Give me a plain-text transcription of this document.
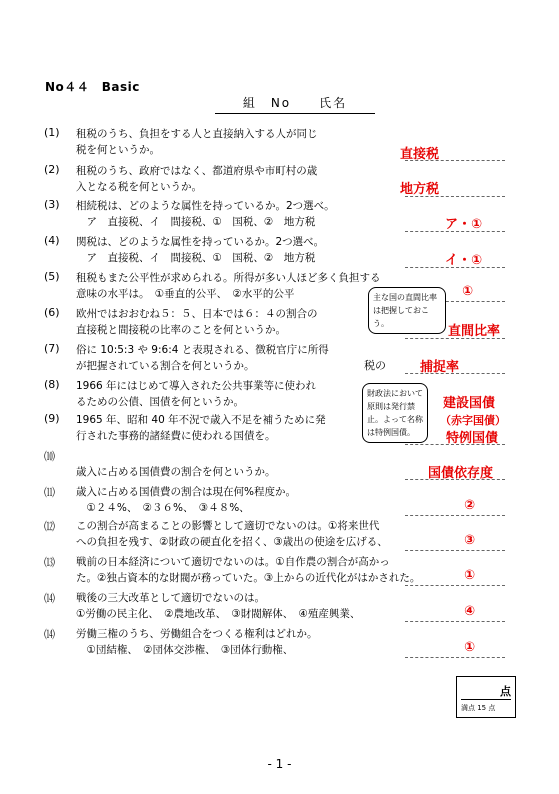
No４４　Basic
組　No　　氏名
(1) 租税のうち、負担をする人と直接納入する人が同じ
税を何というか。	直接税
(2) 租税のうち、政府ではなく、都道府県や市町村の歳
入となる税を何というか。	地方税
(3) 相続税は、どのような属性を持っているか。2つ選べ。
　ア　直接税、イ　間接税、①　国税、②　地方税	ア・①
(4) 関税は、どのような属性を持っているか。2つ選べ。
　ア　直接税、イ　間接税、①　国税、②　地方税	イ・①
(5) 租税もまた公平性が求められる。所得が多い人ほど多く負担する
意味の水平は。　①垂直的公平、　②水平的公平	①
主な国の直間比率は把握しておこう。
(6) 欧州ではおおむね５：５、日本では６：４の割合の
直接税と間接税の比率のことを何というか。	直間比率
(7) 俗に 10:5:3 や 9:6:4 と表現される、徴税官庁に所得
が把握されている割合を何というか。	税の	捕捉率
(8) 1966 年にはじめて導入された公共事業等に使われ
るための公債、国債を何というか。	建設国債
財政法において原則は発行禁止。よって名称は特例国債。
(9) 1965 年、昭和 40 年不況で歳入不足を補うために発
行された事務的諸経費に使われる国債を。
（赤字国債）
特例国債
⑽
歳入に占める国債費の割合を何というか。	国債依存度
⑾ 歳入に占める国債費の割合は現在何%程度か。
　①２４%、　②３６%、　③４８%、	②
⑿ この割合が高まることの影響として適切でないのは。①将来世代
への負担を残す、②財政の硬直化を招く、③歳出の使途を広げる、	③
⒀ 戦前の日本経済について適切でないのは。①自作農の割合が高かっ
た。②独占資本的な財閥が務っていた。③上からの近代化がはかされた。	①
⒁ 戦後の三大改革として適切でないのは。
①労働の民主化、　②農地改革、　③財閥解体、　④殖産興業、	④
⒁ 労働三権のうち、労働組合をつくる権利はどれか。
　①団結権、　②団体交渉権、　③団体行動権、	①
点
満点 15 点
- 1 -
